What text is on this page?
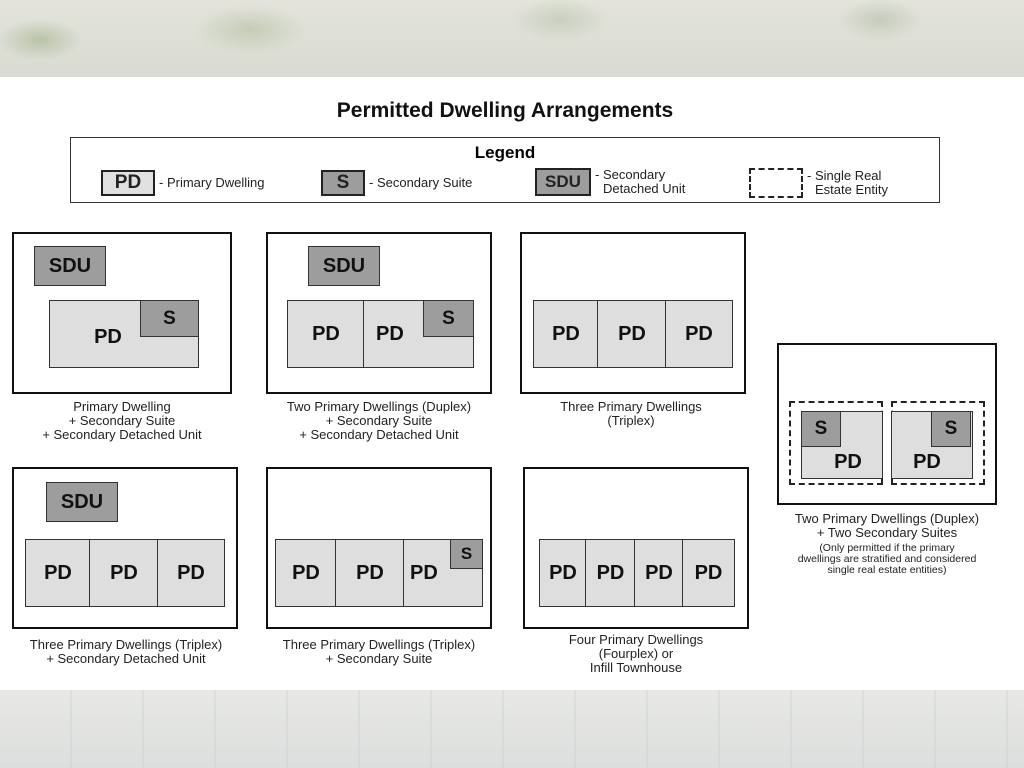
Permitted Dwelling Arrangements
Legend
PD	- Primary Dwelling	S	- Secondary Suite	SDU	- Secondary
Detached Unit
- Single Real
Estate Entity
SDU
PD
S
Primary Dwelling
+ Secondary Suite
+ Secondary Detached Unit
SDU
PD	PD
S
Two Primary Dwellings (Duplex)
+ Secondary Suite
+ Secondary Detached Unit
PD	PD	PD
Three Primary Dwellings
(Triplex)
PD	PD
S	S
Two Primary Dwellings (Duplex)
+ Two Secondary Suites
(Only permitted if the primary
dwellings are stratified and considered
single real estate entities)
SDU
PD	PD	PD
Three Primary Dwellings (Triplex)
+ Secondary Detached Unit
PD	PD	PD
S
Three Primary Dwellings (Triplex)
+ Secondary Suite
PD PD	PD	PD
Four Primary Dwellings
(Fourplex) or
Infill Townhouse
